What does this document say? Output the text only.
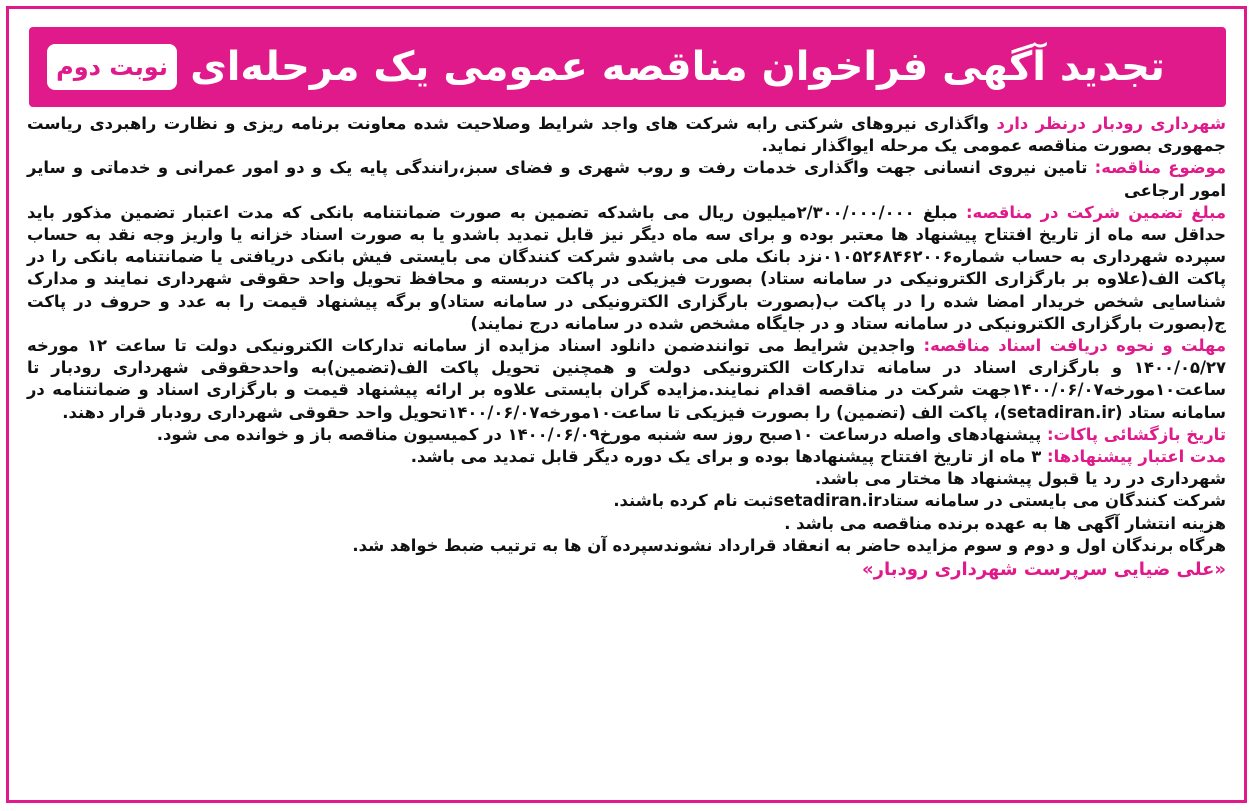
تجدید آگهی فراخوان مناقصه عمومی یک مرحله‌ای
نوبت دوم

شهرداری رودبار درنظر دارد واگذاری نیروهای شرکتی رابه شرکت های واجد شرایط وصلاحیت شده معاونت برنامه ریزی و نظارت راهبردی ریاست جمهوری بصورت مناقصه عمومی یک مرحله ایواگذار نماید.

موضوع مناقصه: تامین نیروی انسانی جهت واگذاری خدمات رفت و روب شهری و فضای سبز،رانندگی پایه یک و دو امور عمرانی و خدماتی و سایر امور ارجاعی

مبلغ تضمین شرکت در مناقصه: مبلغ ۲/۳۰۰/۰۰۰/۰۰۰میلیون ریال می باشدکه تضمین به صورت ضمانتنامه بانکی که مدت اعتبار تضمین مذکور باید حداقل سه ماه از تاریخ افتتاح پیشنهاد ها معتبر بوده و برای سه ماه دیگر نیز قابل تمدید باشدو یا به صورت اسناد خزانه یا واریز وجه نقد به حساب سپرده شهرداری به حساب شماره۰۱۰۵۲۶۸۴۶۲۰۰۶نزد بانک ملی می باشدو شرکت کنندگان می بایستی فیش بانکی دریافتی یا ضمانتنامه بانکی را در پاکت الف(علاوه بر بارگزاری الکترونیکی در سامانه ستاد) بصورت فیزیکی در پاکت دربسته و محافظ تحویل واحد حقوقی شهرداری نمایند و مدارک شناسایی شخص خریدار امضا شده را در پاکت ب(بصورت بارگزاری الکترونیکی در سامانه ستاد)و برگه پیشنهاد قیمت را به عدد و حروف در پاکت ج(بصورت بارگزاری الکترونیکی در سامانه ستاد و در جایگاه مشخص شده در سامانه درج نمایند)

مهلت و نحوه دریافت اسناد مناقصه: واجدین شرایط می توانندضمن دانلود اسناد مزایده از سامانه تدارکات الکترونیکی دولت تا ساعت ۱۲ مورخه ۱۴۰۰/۰۵/۲۷ و بارگزاری اسناد در سامانه تدارکات الکترونیکی دولت و همچنین تحویل پاکت الف(تضمین)به واحدحقوقی شهرداری رودبار تا ساعت۱۰مورخه۱۴۰۰/۰۶/۰۷جهت شرکت در مناقصه اقدام نمایند.مزایده گران بایستی علاوه بر ارائه پیشنهاد قیمت و بارگزاری اسناد و ضمانتنامه در سامانه ستاد (setadiran.ir)، پاکت الف (تضمین) را بصورت فیزیکی تا ساعت۱۰مورخه۱۴۰۰/۰۶/۰۷تحویل واحد حقوقی شهرداری رودبار قرار دهند.

تاریخ بازگشائی پاکات: پیشنهادهای واصله درساعت ۱۰صبح روز سه شنبه مورخ۱۴۰۰/۰۶/۰۹ در کمیسیون مناقصه باز و خوانده می شود.

مدت اعتبار پیشنهادها: ۳ ماه از تاریخ افتتاح پیشنهادها بوده و برای یک دوره دیگر قابل تمدید می باشد.

شهرداری در رد یا قبول پیشنهاد ها مختار می باشد.

شرکت کنندگان می بایستی در سامانه ستادsetadiran.irثبت نام کرده باشند.

هزینه انتشار آگهی ها به عهده برنده مناقصه می باشد .

هرگاه برندگان اول و دوم و سوم مزایده حاضر به انعقاد قرارداد نشوندسپرده آن ها به ترتیب ضبط خواهد شد.

«علی ضیایی سرپرست شهرداری رودبار»
